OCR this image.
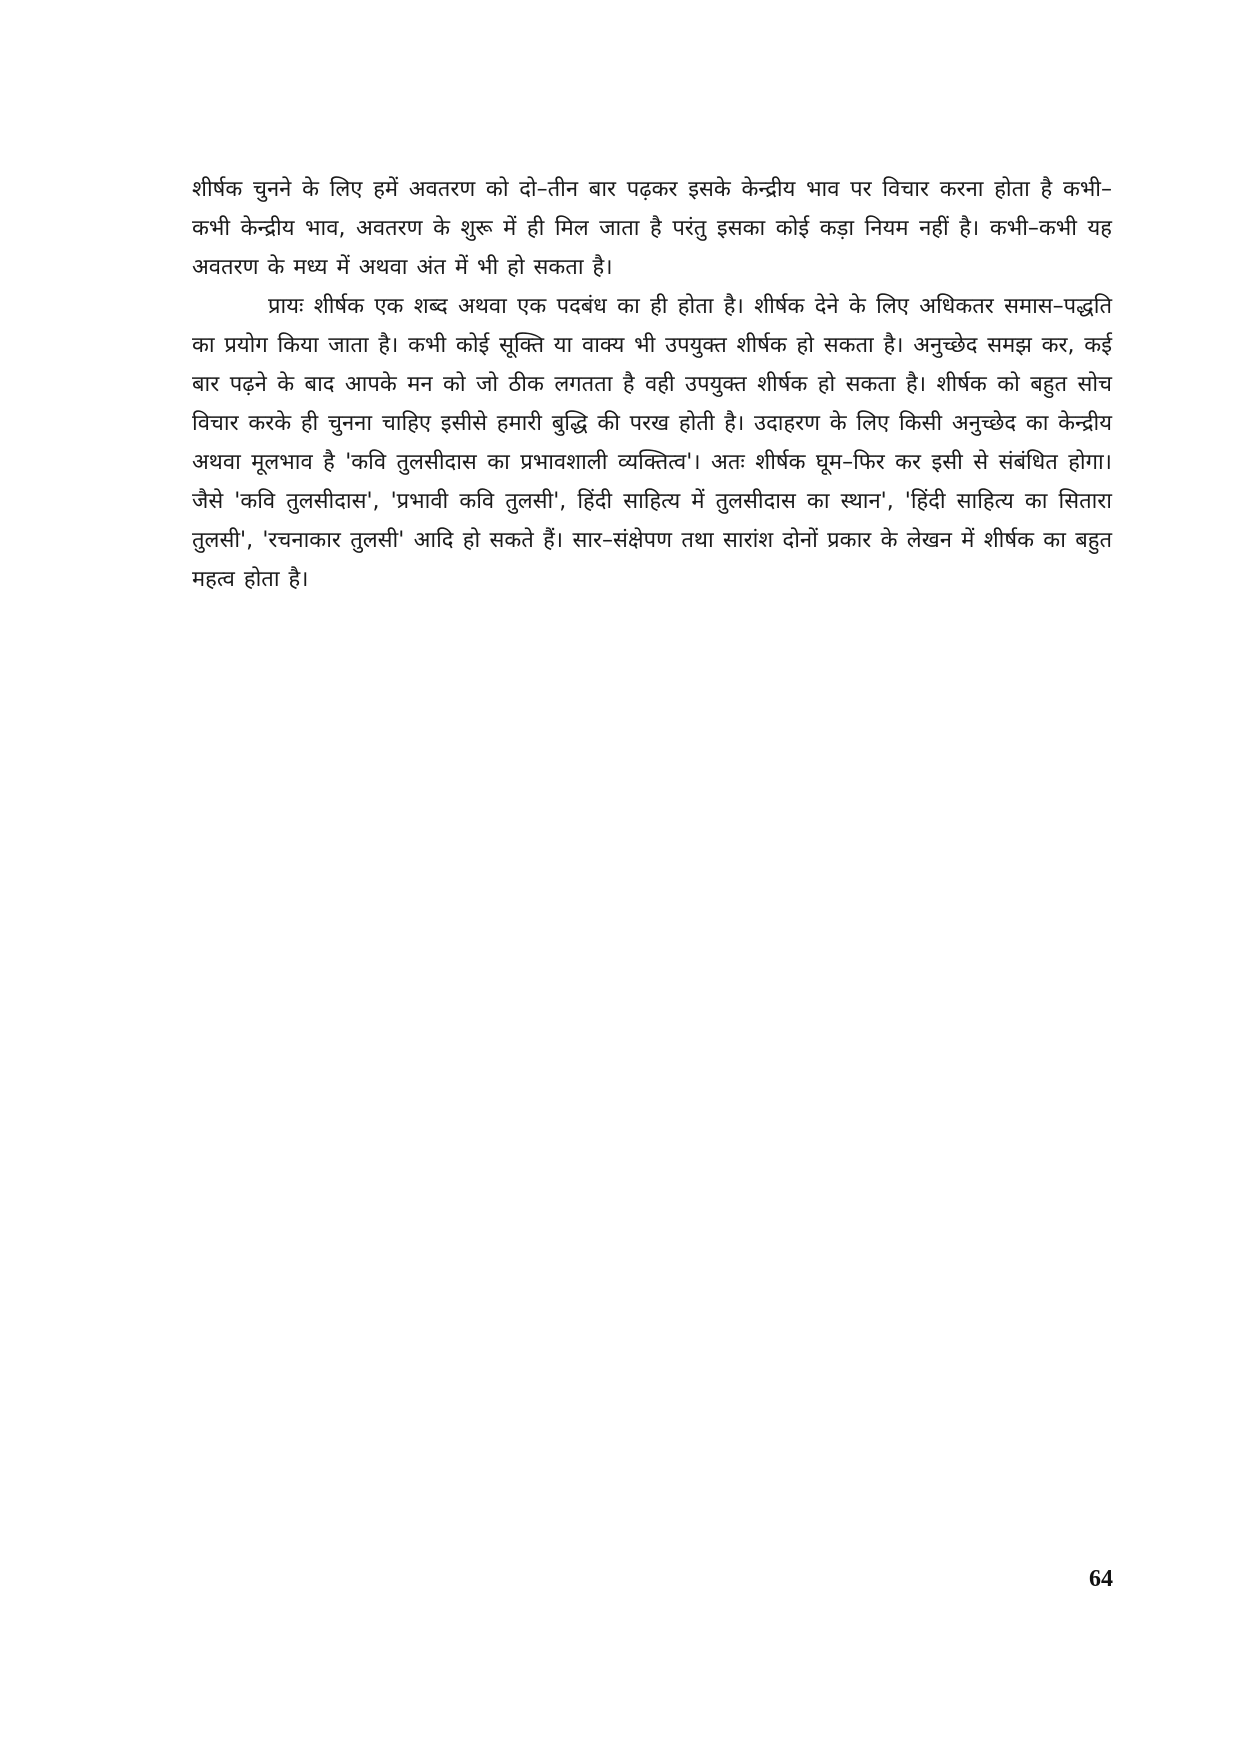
शीर्षक चुनने के लिए हमें अवतरण को दो–तीन बार पढ़कर इसके केन्द्रीय भाव पर विचार करना होता है कभी–कभी केन्द्रीय भाव, अवतरण के शुरू में ही मिल जाता है परंतु इसका कोई कड़ा नियम नहीं है। कभी–कभी यह अवतरण के मध्य में अथवा अंत में भी हो सकता है।

प्रायः शीर्षक एक शब्द अथवा एक पदबंध का ही होता है। शीर्षक देने के लिए अधिकतर समास–पद्धति का प्रयोग किया जाता है। कभी कोई सूक्ति या वाक्य भी उपयुक्त शीर्षक हो सकता है। अनुच्छेद समझ कर, कई बार पढ़ने के बाद आपके मन को जो ठीक लगतता है वही उपयुक्त शीर्षक हो सकता है। शीर्षक को बहुत सोच विचार करके ही चुनना चाहिए इसीसे हमारी बुद्धि की परख होती है। उदाहरण के लिए किसी अनुच्छेद का केन्द्रीय अथवा मूलभाव है 'कवि तुलसीदास का प्रभावशाली व्यक्तित्व'। अतः शीर्षक घूम–फिर कर इसी से संबंधित होगा। जैसे 'कवि तुलसीदास', 'प्रभावी कवि तुलसी', हिंदी साहित्य में तुलसीदास का स्थान', 'हिंदी साहित्य का सितारा तुलसी', 'रचनाकार तुलसी' आदि हो सकते हैं। सार–संक्षेपण तथा सारांश दोनों प्रकार के लेखन में शीर्षक का बहुत महत्व होता है।

64
